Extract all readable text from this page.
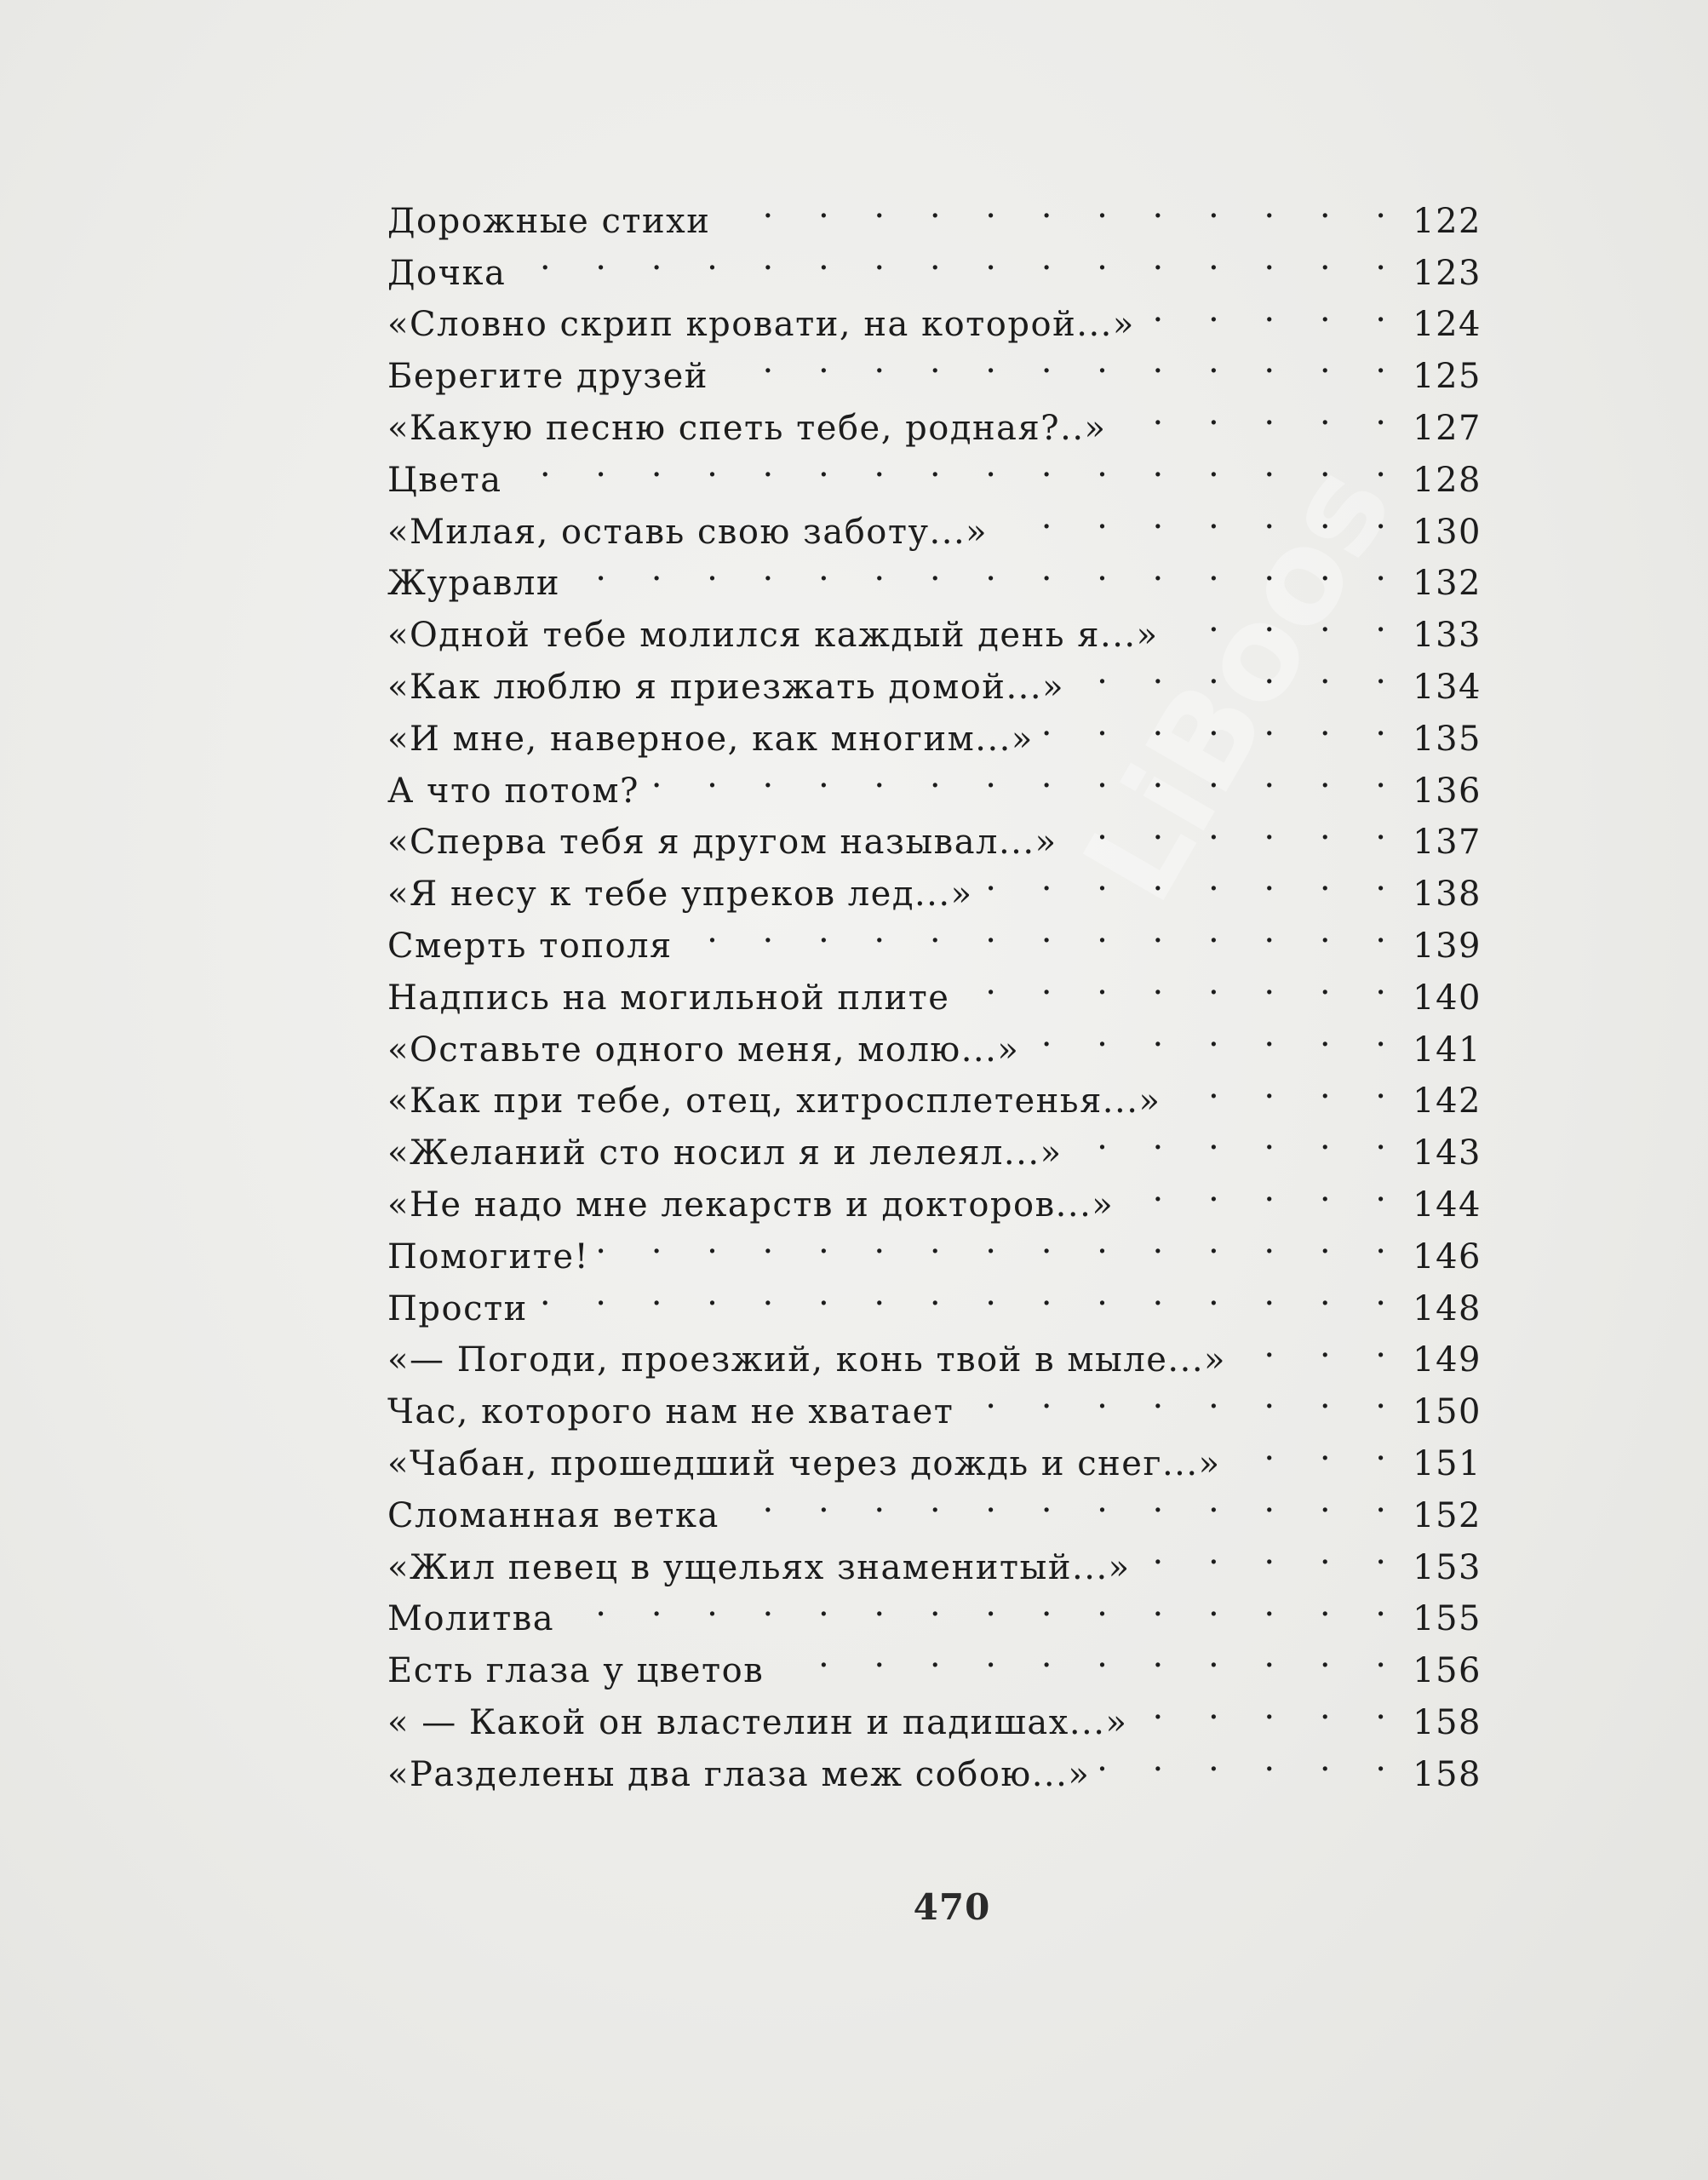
LiBoos
Дорожные стихи . . .	122
Дочка . . .	123
«Словно скрип кровати, на которой...» . . .	124
Берегите друзей . . .	125
«Какую песню спеть тебе, родная?..» . . .	127
Цвета . . .	128
«Милая, оставь свою заботу...» . . .	130
Журавли . . .	132
«Одной тебе молился каждый день я...» . . .	133
«Как люблю я приезжать домой...» . . .	134
«И мне, наверное, как многим...» . . .	135
А что потом? . . .	136
«Сперва тебя я другом называл...» . . .	137
«Я несу к тебе упреков лед...» . . .	138
Смерть тополя . . .	139
Надпись на могильной плите . . .	140
«Оставьте одного меня, молю...» . . .	141
«Как при тебе, отец, хитросплетенья...» . . .	142
«Желаний сто носил я и лелеял...» . . .	143
«Не надо мне лекарств и докторов...» . . .	144
Помогите! . . .	146
Прости . . .	148
«— Погоди, проезжий, конь твой в мыле...» . . .	149
Час, которого нам не хватает . . .	150
«Чабан, прошедший через дождь и снег...» . . .	151
Сломанная ветка . . .	152
«Жил певец в ущельях знаменитый...» . . .	153
Молитва . . .	155
Есть глаза у цветов . . .	156
« — Какой он властелин и падишах...» . . .	158
«Разделены два глаза меж собою...» . . .	158
470
